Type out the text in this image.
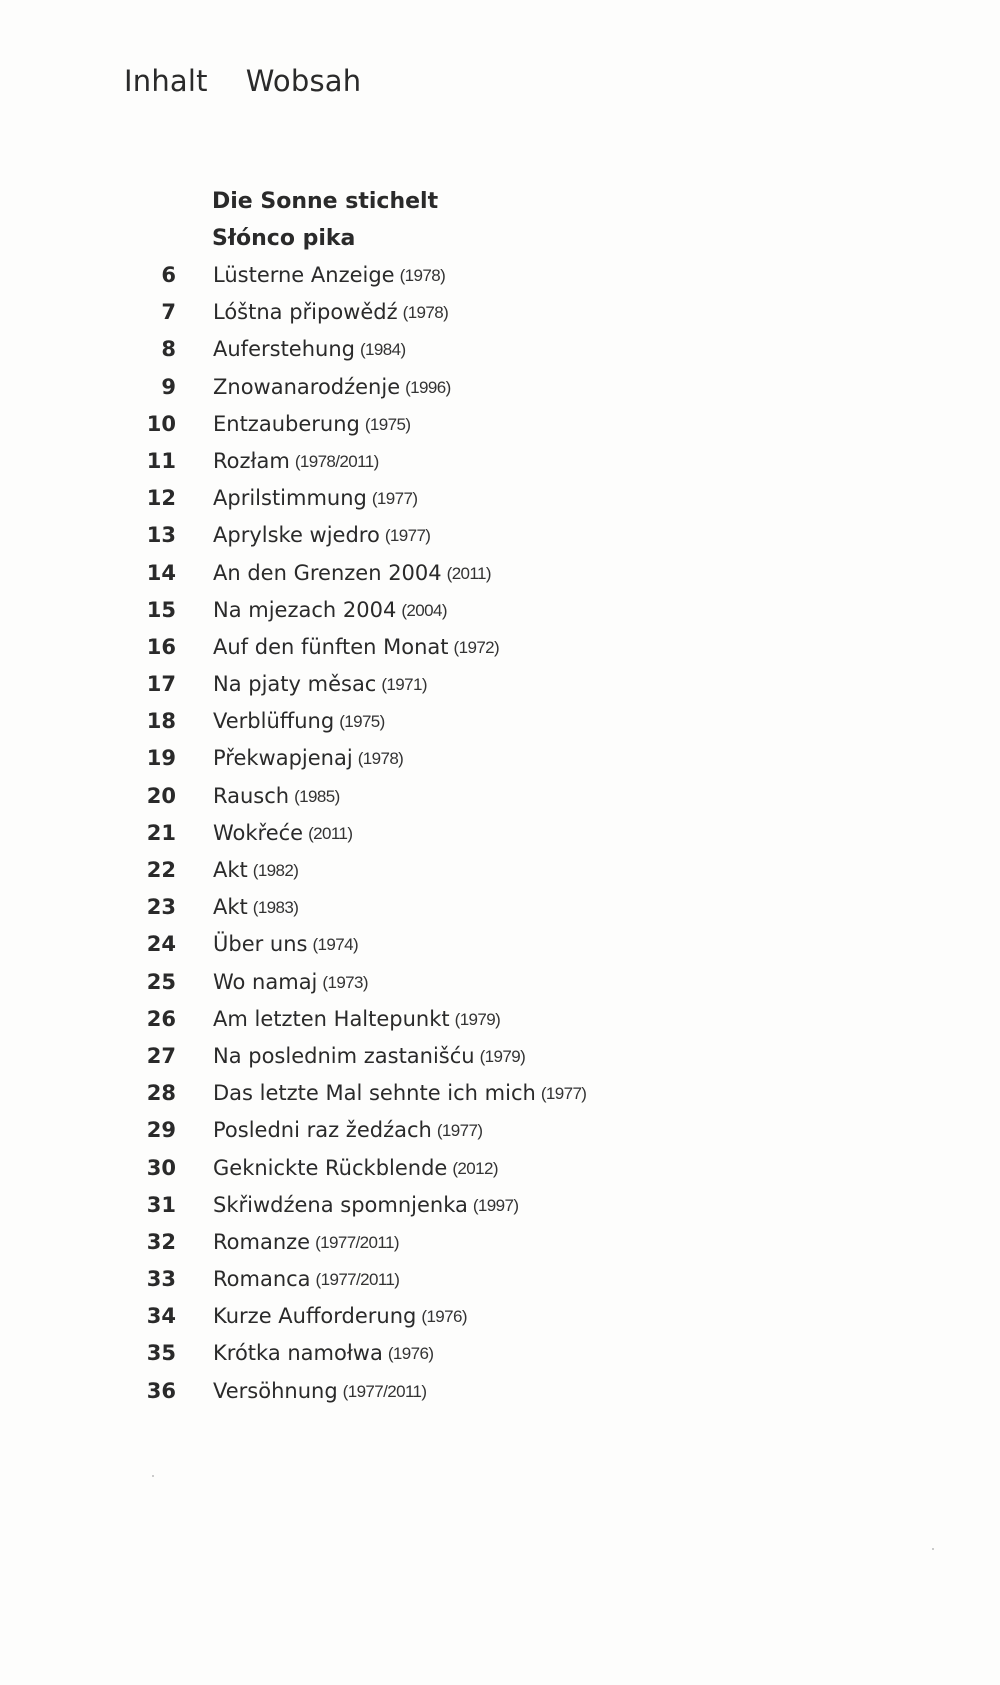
Inhalt Wobsah
Die Sonne stichelt
Słónco pika
6 Lüsterne Anzeige (1978)
7 Lóštna připowědź (1978)
8 Auferstehung (1984)
9 Znowanarodźenje (1996)
10 Entzauberung (1975)
11 Rozłam (1978/2011)
12 Aprilstimmung (1977)
13 Aprylske wjedro (1977)
14 An den Grenzen 2004 (2011)
15 Na mjezach 2004 (2004)
16 Auf den fünften Monat (1972)
17 Na pjaty měsac (1971)
18 Verblüffung (1975)
19 Překwapjenaj (1978)
20 Rausch (1985)
21 Wokřeće (2011)
22 Akt (1982)
23 Akt (1983)
24 Über uns (1974)
25 Wo namaj (1973)
26 Am letzten Haltepunkt (1979)
27 Na poslednim zastanišću (1979)
28 Das letzte Mal sehnte ich mich (1977)
29 Posledni raz žedźach (1977)
30 Geknickte Rückblende (2012)
31 Skřiwdźena spomnjenka (1997)
32 Romanze (1977/2011)
33 Romanca (1977/2011)
34 Kurze Aufforderung (1976)
35 Krótka namołwa (1976)
36 Versöhnung (1977/2011)
